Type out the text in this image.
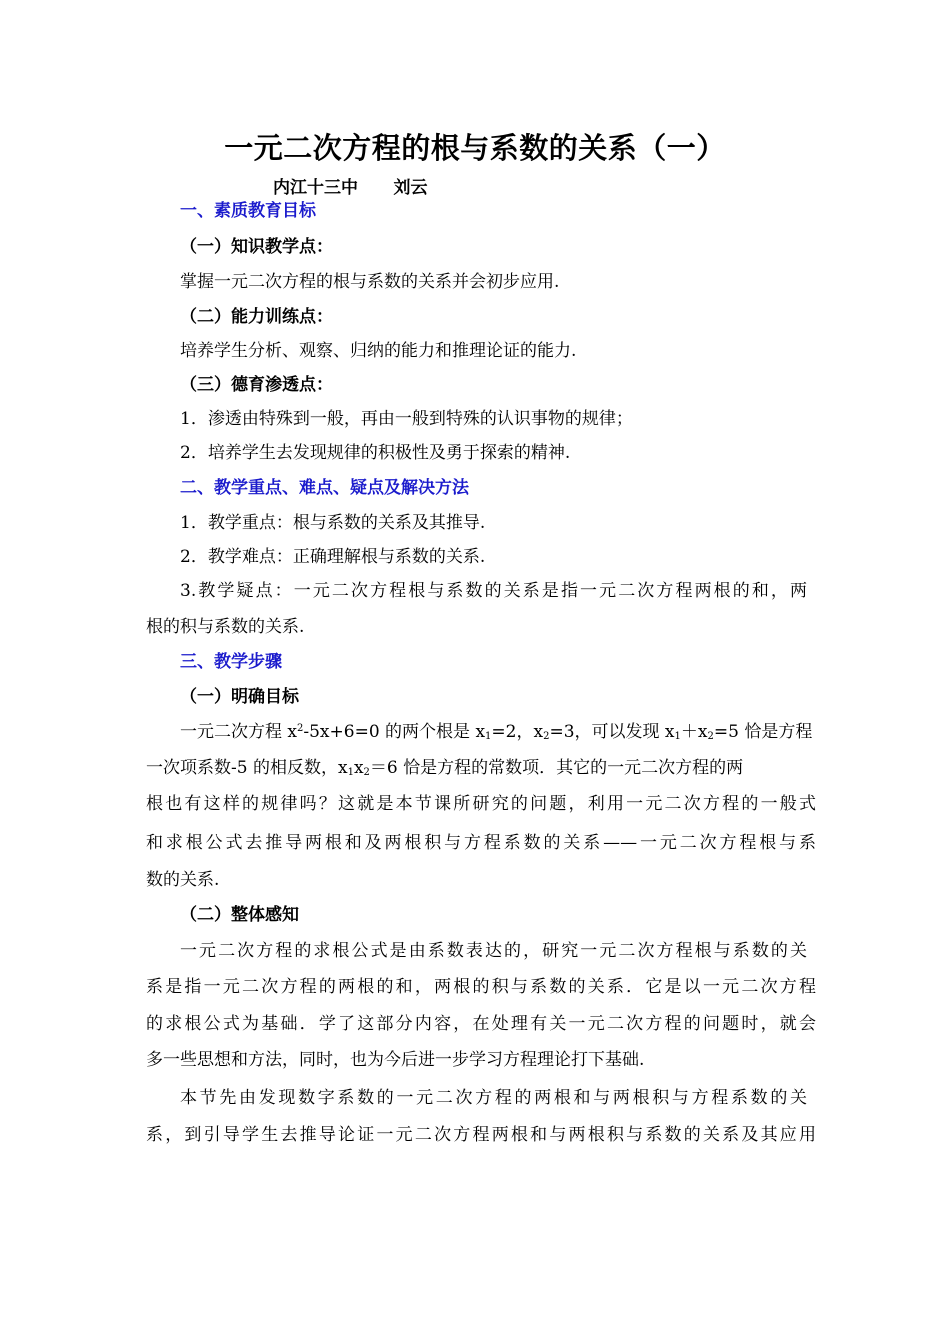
一元二次方程的根与系数的关系（一）
内江十三中      刘云
一、素质教育目标
（一）知识教学点：
掌握一元二次方程的根与系数的关系并会初步应用.
（二）能力训练点：
培养学生分析、观察、归纳的能力和推理论证的能力.
（三）德育渗透点：
1．渗透由特殊到一般，再由一般到特殊的认识事物的规律；
2．培养学生去发现规律的积极性及勇于探索的精神.
二、教学重点、难点、疑点及解决方法
1．教学重点：根与系数的关系及其推导.
2．教学难点：正确理解根与系数的关系.
3.教学疑点：一元二次方程根与系数的关系是指一元二次方程两根的和，两
根的积与系数的关系.
三、教学步骤
（一）明确目标
一元二次方程 $x^2-5x+6=0$ 的两个根是 $x_1=2$，$x_2=3$，可以发现 $x_1+x_2=5$ 恰是方程
一次项系数-5 的相反数，$x_1x_2=6$ 恰是方程的常数项．其它的一元二次方程的两
根也有这样的规律吗？这就是本节课所研究的问题，利用一元二次方程的一般式
和求根公式去推导两根和及两根积与方程系数的关系——一元二次方程根与系
数的关系.
（二）整体感知
一元二次方程的求根公式是由系数表达的，研究一元二次方程根与系数的关
系是指一元二次方程的两根的和，两根的积与系数的关系．它是以一元二次方程
的求根公式为基础．学了这部分内容，在处理有关一元二次方程的问题时，就会
多一些思想和方法，同时，也为今后进一步学习方程理论打下基础.
本节先由发现数字系数的一元二次方程的两根和与两根积与方程系数的关
系，到引导学生去推导论证一元二次方程两根和与两根积与系数的关系及其应用
